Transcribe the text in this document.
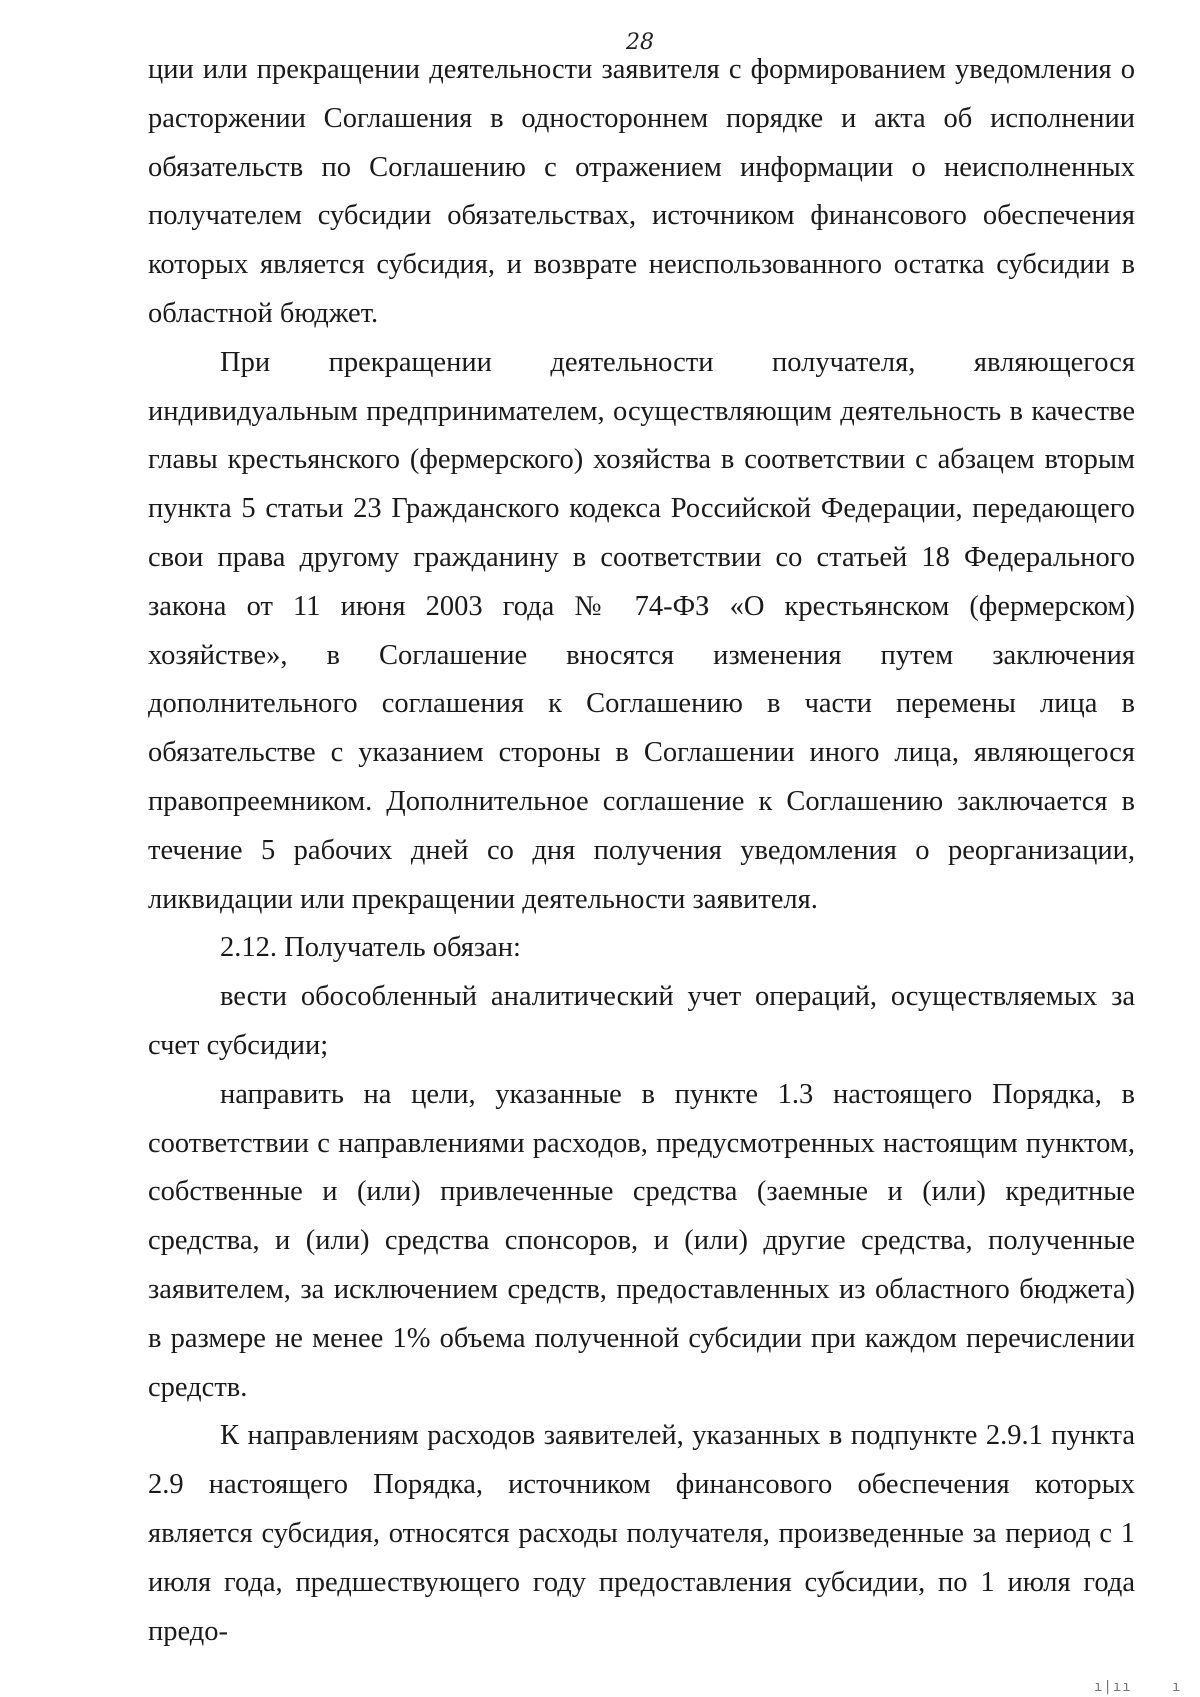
28

ции или прекращении деятельности заявителя с формированием уведомления о расторжении Соглашения в одностороннем порядке и акта об исполнении обязательств по Соглашению с отражением информации о неисполненных получателем субсидии обязательствах, источником финансового обеспечения которых является субсидия, и возврате неиспользованного остатка субсидии в областной бюджет.

При прекращении деятельности получателя, являющегося индивидуальным предпринимателем, осуществляющим деятельность в качестве главы крестьянского (фермерского) хозяйства в соответствии с абзацем вторым пункта 5 статьи 23 Гражданского кодекса Российской Федерации, передающего свои права другому гражданину в соответствии со статьей 18 Федерального закона от 11 июня 2003 года № 74-ФЗ «О крестьянском (фермерском) хозяйстве», в Соглашение вносятся изменения путем заключения дополнительного соглашения к Соглашению в части перемены лица в обязательстве с указанием стороны в Соглашении иного лица, являющегося правопреемником. Дополнительное соглашение к Соглашению заключается в течение 5 рабочих дней со дня получения уведомления о реорганизации, ликвидации или прекращении деятельности заявителя.

2.12. Получатель обязан:

вести обособленный аналитический учет операций, осуществляемых за счет субсидии;

направить на цели, указанные в пункте 1.3 настоящего Порядка, в соответствии с направлениями расходов, предусмотренных настоящим пунктом, собственные и (или) привлеченные средства (заемные и (или) кредитные средства, и (или) средства спонсоров, и (или) другие средства, полученные заявителем, за исключением средств, предоставленных из областного бюджета) в размере не менее 1% объема полученной субсидии при каждом перечислении средств.

К направлениям расходов заявителей, указанных в подпункте 2.9.1 пункта 2.9 настоящего Порядка, источником финансового обеспечения которых является субсидия, относятся расходы получателя, произведенные за период с 1 июля года, предшествующего году предоставления субсидии, по 1 июля года предо-

ı|ıı	ı
